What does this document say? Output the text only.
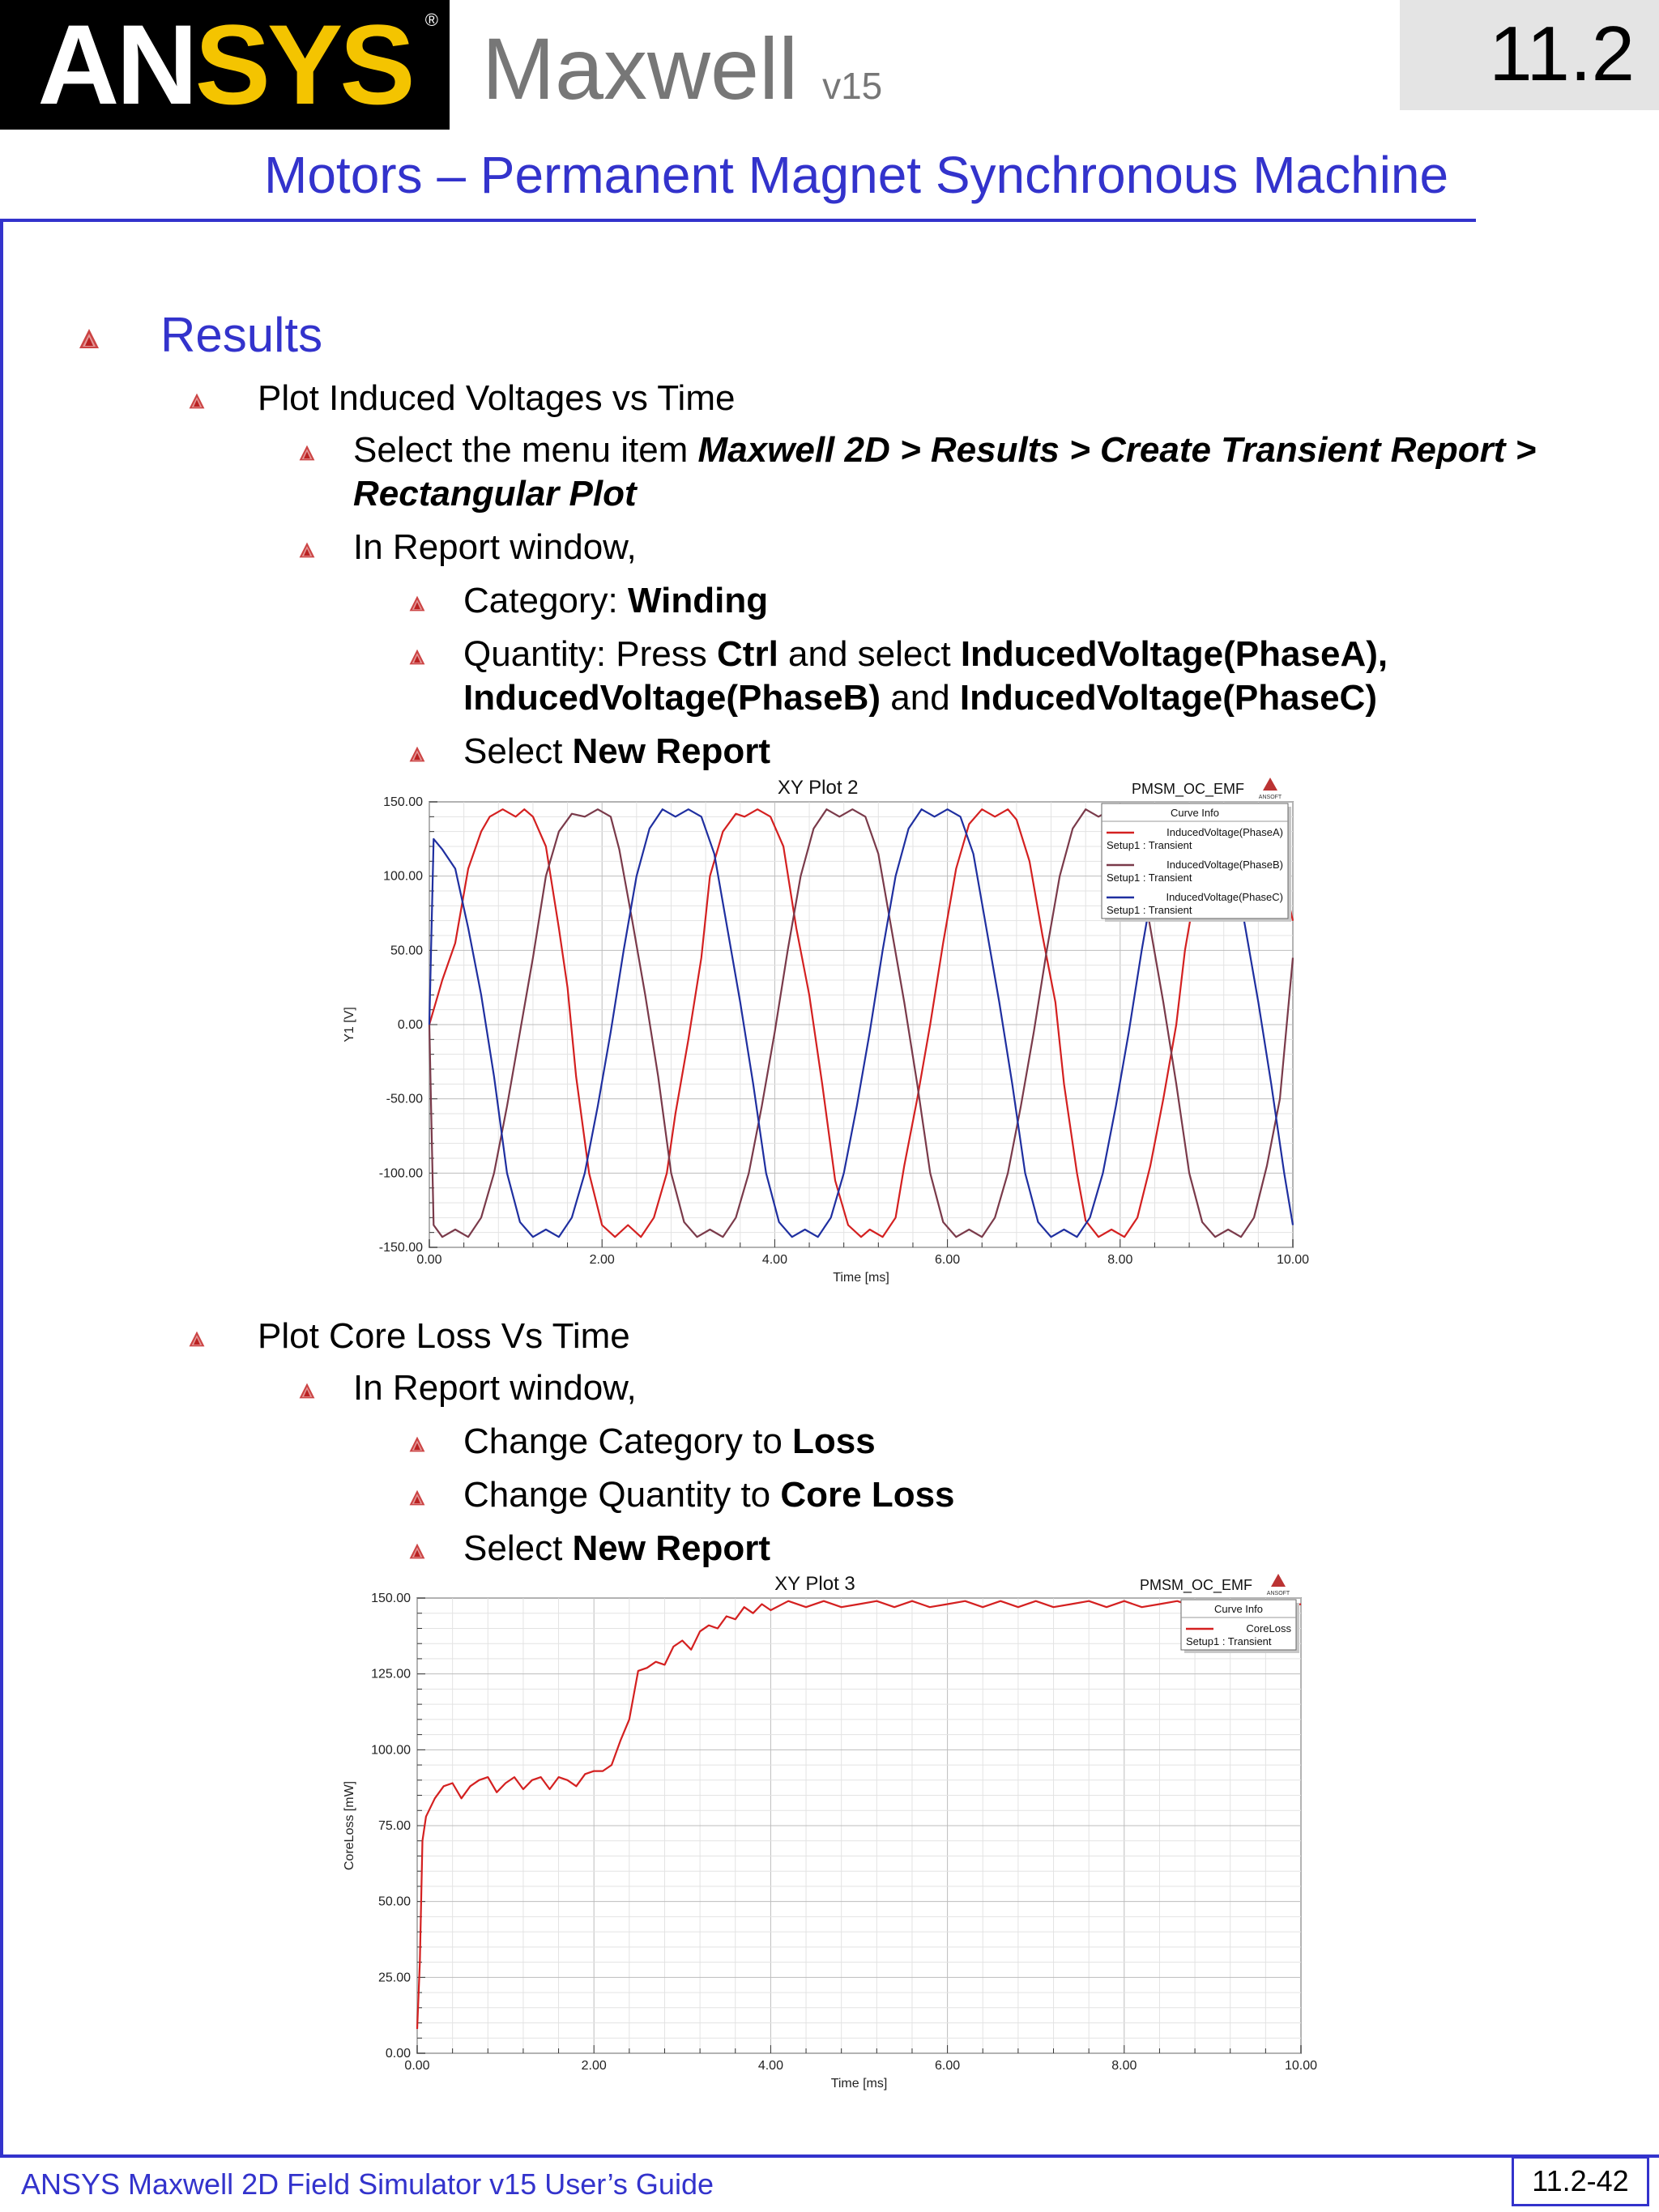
ANSYS ® Maxwell v15	11.2
Motors – Permanent Magnet Synchronous Machine
Results
Plot Induced Voltages vs Time
Select the menu item Maxwell 2D > Results > Create Transient Report >
Rectangular Plot
In Report window,
Category: Winding
Quantity: Press Ctrl and select InducedVoltage(PhaseA),
InducedVoltage(PhaseB) and InducedVoltage(PhaseC)
Select New Report
0.00	2.00	4.00	6.00	8.00	10.00
150.00
100.00
50.00
0.00
-50.00
-100.00
-150.00
Time [ms]
Y1 [V]
XY Plot 2	PMSM_OC_EMF
ANSOFT
Curve Info
InducedVoltage(PhaseA)
Setup1 : Transient
InducedVoltage(PhaseB)
Setup1 : Transient
InducedVoltage(PhaseC)
Setup1 : Transient
Plot Core Loss Vs Time
In Report window,
Change Category to Loss
Change Quantity to Core Loss
Select New Report
0.00	2.00	4.00	6.00	8.00	10.00
150.00
125.00
100.00
75.00
50.00
25.00
0.00
Time [ms]
CoreLoss [mW]
XY Plot 3	PMSM_OC_EMF
ANSOFT
Curve Info
CoreLoss
Setup1 : Transient
ANSYS Maxwell 2D Field Simulator v15 User’s Guide	11.2-42
